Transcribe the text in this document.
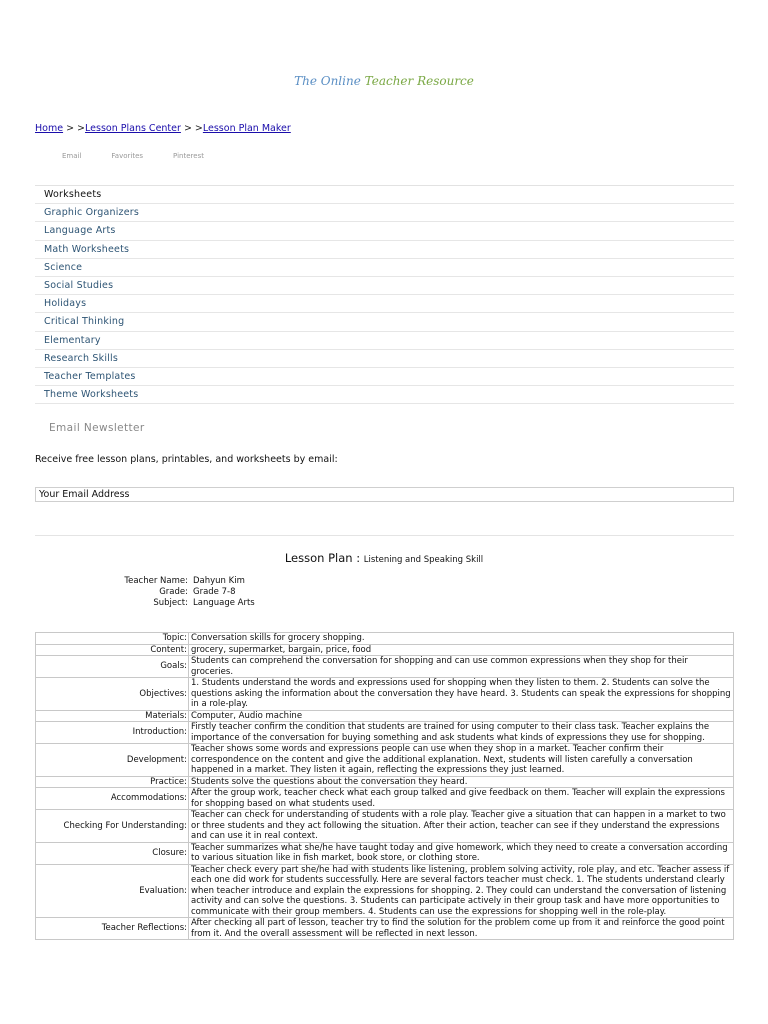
The Online Teacher Resource
Home > >Lesson Plans Center > >Lesson Plan Maker
Email	Favorites	Pinterest
Worksheets
Graphic Organizers
Language Arts
Math Worksheets
Science
Social Studies
Holidays
Critical Thinking
Elementary
Research Skills
Teacher Templates
Theme Worksheets
Email Newsletter
Receive free lesson plans, printables, and worksheets by email:
Your Email Address
Lesson Plan : Listening and Speaking Skill
Teacher Name: Dahyun Kim
Grade: Grade 7-8
Subject: Language Arts
Topic:	Conversation skills for grocery shopping.
Content:	grocery, supermarket, bargain, price, food
Goals:	Students can comprehend the conversation for shopping and can use common expressions when they shop for their groceries.
Objectives:	1. Students understand the words and expressions used for shopping when they listen to them. 2. Students can solve the questions asking the information about the conversation they have heard. 3. Students can speak the expressions for shopping in a role-play.
Materials:	Computer, Audio machine
Introduction:	Firstly teacher confirm the condition that students are trained for using computer to their class task. Teacher explains the importance of the conversation for buying something and ask students what kinds of expressions they use for shopping.
Development:	Teacher shows some words and expressions people can use when they shop in a market. Teacher confirm their correspondence on the content and give the additional explanation. Next, students will listen carefully a conversation happened in a market. They listen it again, reflecting the expressions they just learned.
Practice:	Students solve the questions about the conversation they heard.
Accommodations:	After the group work, teacher check what each group talked and give feedback on them. Teacher will explain the expressions for shopping based on what students used.
Checking For Understanding:	Teacher can check for understanding of students with a role play. Teacher give a situation that can happen in a market to two or three students and they act following the situation. After their action, teacher can see if they understand the expressions and can use it in real context.
Closure:	Teacher summarizes what she/he have taught today and give homework, which they need to create a conversation according to various situation like in fish market, book store, or clothing store.
Evaluation:	Teacher check every part she/he had with students like listening, problem solving activity, role play, and etc. Teacher assess if each one did work for students successfully. Here are several factors teacher must check. 1. The students understand clearly when teacher introduce and explain the expressions for shopping. 2. They could can understand the conversation of listening activity and can solve the questions. 3. Students can participate actively in their group task and have more opportunities to communicate with their group members. 4. Students can use the expressions for shopping well in the role-play.
Teacher Reflections:	After checking all part of lesson, teacher try to find the solution for the problem come up from it and reinforce the good point from it. And the overall assessment will be reflected in next lesson.
